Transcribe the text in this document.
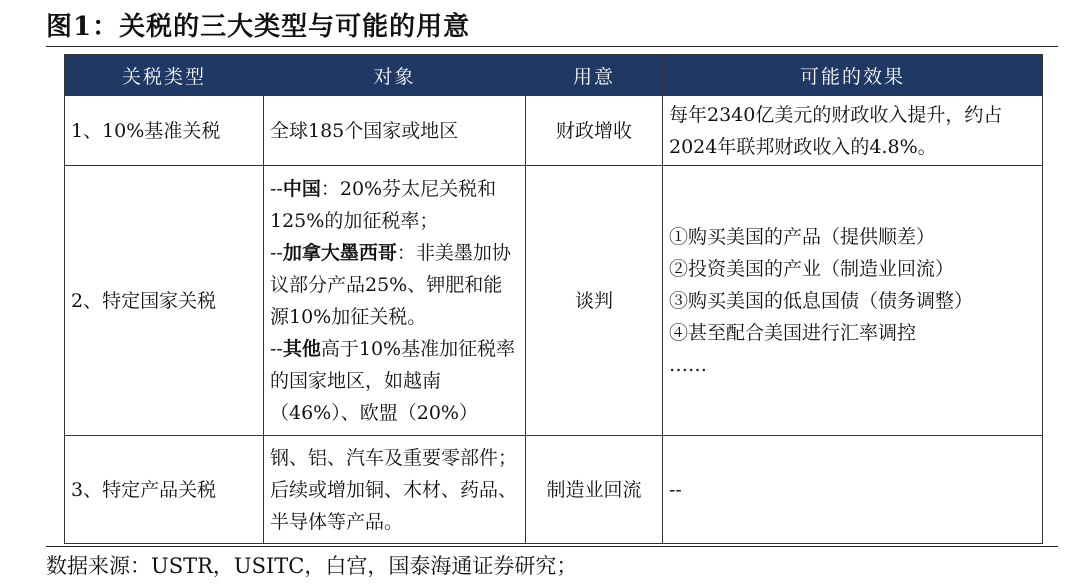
图1：关税的三大类型与可能的用意
关税类型	对象	用意	可能的效果
1、10%基准关税	全球185个国家或地区	财政增收	每年2340亿美元的财政收入提升，约占2024年联邦财政收入的4.8%。
2、特定国家关税	--中国：20%芬太尼关税和125%的加征税率；
--加拿大墨西哥：非美墨加协议部分产品25%、钾肥和能源10%加征关税。
--其他高于10%基准加征税率的国家地区，如越南（46%）、欧盟（20%）	谈判	①购买美国的产品（提供顺差）
②投资美国的产业（制造业回流）
③购买美国的低息国债（债务调整）
④甚至配合美国进行汇率调控
……

3、特定产品关税	钢、铝、汽车及重要零部件；后续或增加铜、木材、药品、半导体等产品。	制造业回流	--
数据来源：USTR，USITC，白宫，国泰海通证券研究；
